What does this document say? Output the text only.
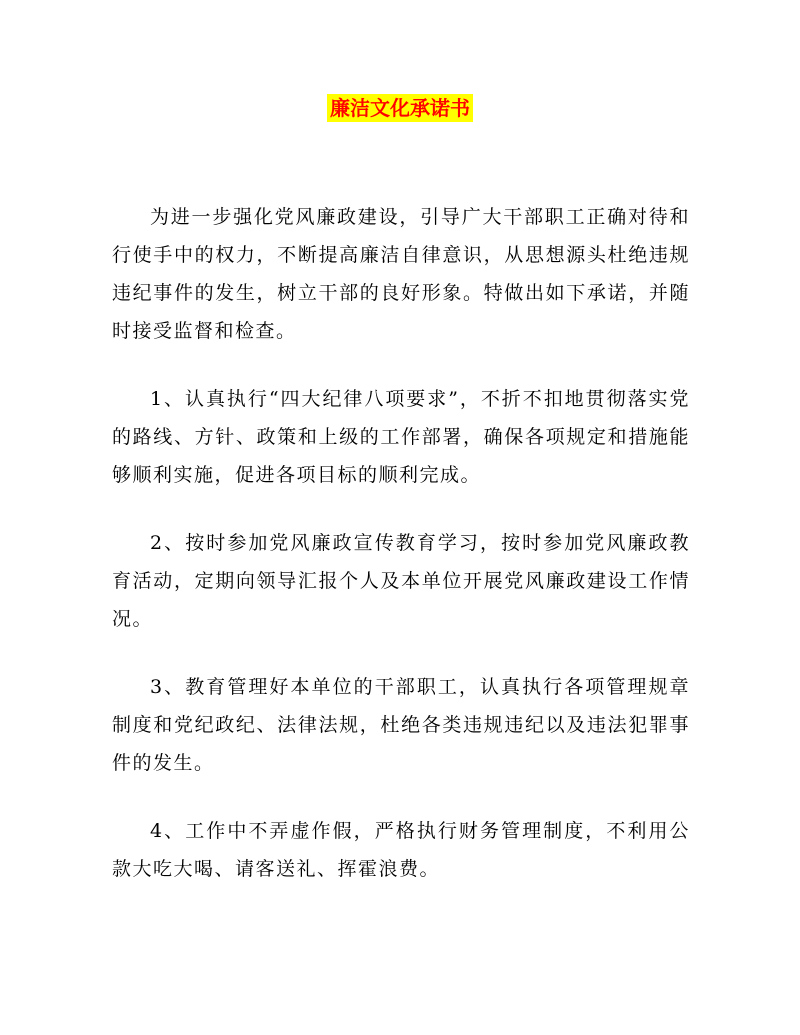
廉洁文化承诺书

为进一步强化党风廉政建设，引导广大干部职工正确对待和行使手中的权力，不断提高廉洁自律意识，从思想源头杜绝违规违纪事件的发生，树立干部的良好形象。特做出如下承诺，并随时接受监督和检查。

1、认真执行“四大纪律八项要求”，不折不扣地贯彻落实党的路线、方针、政策和上级的工作部署，确保各项规定和措施能够顺利实施，促进各项目标的顺利完成。

2、按时参加党风廉政宣传教育学习，按时参加党风廉政教育活动，定期向领导汇报个人及本单位开展党风廉政建设工作情况。

3、教育管理好本单位的干部职工，认真执行各项管理规章制度和党纪政纪、法律法规，杜绝各类违规违纪以及违法犯罪事件的发生。

4、工作中不弄虚作假，严格执行财务管理制度，不利用公款大吃大喝、请客送礼、挥霍浪费。
